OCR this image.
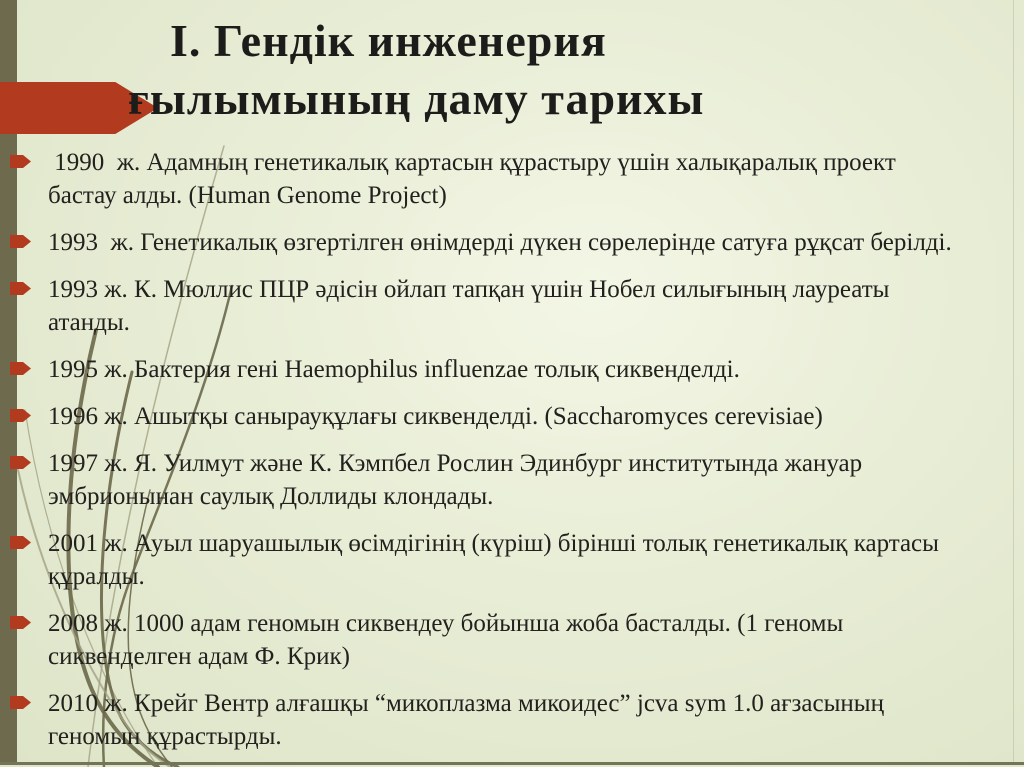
I. Гендік инженерия
ғылымының даму тарихы
1990  ж. Адамның генетикалық картасын құрастыру үшін халықаралық проект
бастау алды. (Human Genome Project)
1993  ж. Генетикалық өзгертілген өнімдерді дүкен сөрелерінде сатуға рұқсат берілді.
1993 ж. К. Мюллис ПЦР әдісін ойлап тапқан үшін Нобел силығының лауреаты
атанды.
1995 ж. Бактерия гені Haemophilus influenzae толық сиквенделді.
1996 ж. Ашытқы санырауқұлағы сиквенделді. (Saccharomyces cerevisiae)
1997 ж. Я. Уилмут және К. Кэмпбел Рослин Эдинбург институтында жануар
эмбрионынан саулық Доллиды клондады.
2001 ж. Ауыл шаруашылық өсімдігінің (күріш) бірінші толық генетикалық картасы
құралды.
2008 ж. 1000 адам геномын сиквендеу бойынша жоба басталды. (1 геномы
сиквенделген адам Ф. Крик)
2010 ж. Крейг Вентр алғашқы “микоплазма микоидес” jcva sym 1.0 ағзасының
геномын құрастырды.
